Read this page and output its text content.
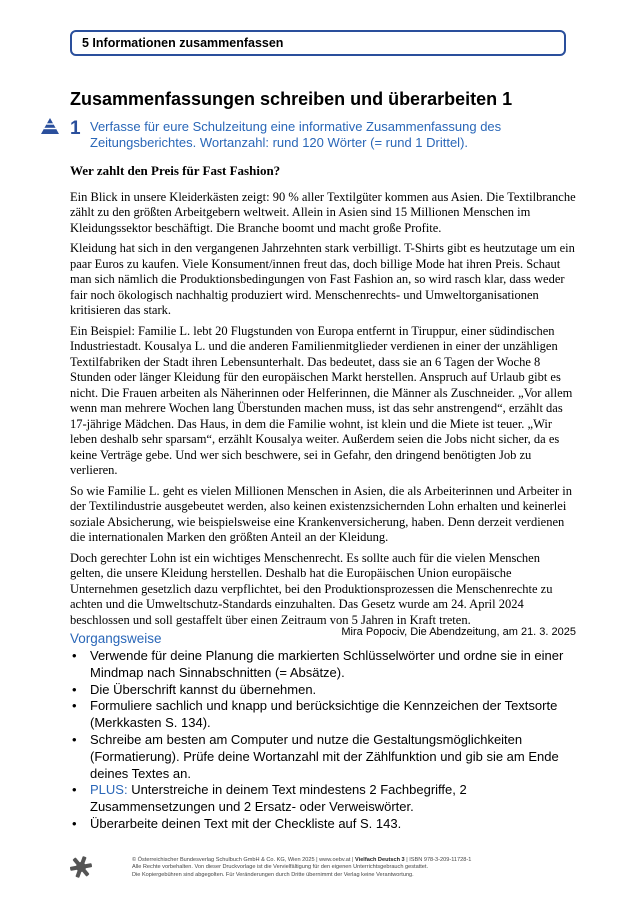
5 Informationen zusammenfassen
Zusammenfassungen schreiben und überarbeiten 1
1 Verfasse für eure Schulzeitung eine informative Zusammenfassung des Zeitungsberichtes. Wortanzahl: rund 120 Wörter (= rund 1 Drittel).
Wer zahlt den Preis für Fast Fashion?

Ein Blick in unsere Kleiderkästen zeigt: 90 % aller Textilgüter kommen aus Asien. Die Textilbranche zählt zu den größten Arbeitgebern weltweit. Allein in Asien sind 15 Millionen Menschen im Kleidungssektor beschäftigt. Die Branche boomt und macht große Profite.

Kleidung hat sich in den vergangenen Jahrzehnten stark verbilligt. T-Shirts gibt es heutzutage um ein paar Euros zu kaufen. Viele Konsument/innen freut das, doch billige Mode hat ihren Preis. Schaut man sich nämlich die Produktionsbedingungen von Fast Fashion an, so wird rasch klar, dass weder fair noch ökologisch nachhaltig produziert wird. Menschenrechts- und Umweltorganisationen kritisieren das stark.

Ein Beispiel: Familie L. lebt 20 Flugstunden von Europa entfernt in Tiruppur, einer südindischen Industriestadt. Kousalya L. und die anderen Familienmitglieder verdienen in einer der unzähligen Textilfabriken der Stadt ihren Lebensunterhalt. Das bedeutet, dass sie an 6 Tagen der Woche 8 Stunden oder länger Kleidung für den europäischen Markt herstellen. Anspruch auf Urlaub gibt es nicht. Die Frauen arbeiten als Näherinnen oder Helferinnen, die Männer als Zuschneider. „Vor allem wenn man mehrere Wochen lang Überstunden machen muss, ist das sehr anstrengend“, erzählt das 17-jährige Mädchen. Das Haus, in dem die Familie wohnt, ist klein und die Miete ist teuer. „Wir leben deshalb sehr sparsam“, erzählt Kousalya weiter. Außerdem seien die Jobs nicht sicher, da es keine Verträge gebe. Und wer sich beschwere, sei in Gefahr, den dringend benötigten Job zu verlieren.

So wie Familie L. geht es vielen Millionen Menschen in Asien, die als Arbeiterinnen und Arbeiter in der Textilindustrie ausgebeutet werden, also keinen existenzsichernden Lohn erhalten und keinerlei soziale Absicherung, wie beispielsweise eine Krankenversicherung, haben. Denn derzeit verdienen die internationalen Marken den größten Anteil an der Kleidung.

Doch gerechter Lohn ist ein wichtiges Menschenrecht. Es sollte auch für die vielen Menschen gelten, die unsere Kleidung herstellen. Deshalb hat die Europäischen Union europäische Unternehmen gesetzlich dazu verpflichtet, bei den Produktionsprozessen die Menschenrechte zu achten und die Umweltschutz-Standards einzuhalten. Das Gesetz wurde am 24. April 2024 beschlossen und soll gestaffelt über einen Zeitraum von 5 Jahren in Kraft treten.

Mira Popociv, Die Abendzeitung, am 21. 3. 2025
Vorgangsweise
• Verwende für deine Planung die markierten Schlüsselwörter und ordne sie in einer Mindmap nach Sinnabschnitten (= Absätze).
• Die Überschrift kannst du übernehmen.
• Formuliere sachlich und knapp und berücksichtige die Kennzeichen der Textsorte (Merkkasten S. 134).
• Schreibe am besten am Computer und nutze die Gestaltungsmöglichkeiten (Formatierung). Prüfe deine Wortanzahl mit der Zählfunktion und gib sie am Ende deines Textes an.
• PLUS: Unterstreiche in deinem Text mindestens 2 Fachbegriffe, 2 Zusammensetzungen und 2 Ersatz- oder Verweiswörter.
• Überarbeite deinen Text mit der Checkliste auf S. 143.
© Österreichischer Bundesverlag Schulbuch GmbH & Co. KG, Wien 2025 | www.oebv.at | Vielfach Deutsch 3 | ISBN 978-3-209-11728-1
Alle Rechte vorbehalten. Von dieser Druckvorlage ist die Vervielfältigung für den eigenen Unterrichtsgebrauch gestattet.
Die Kopiergebühren sind abgegolten. Für Veränderungen durch Dritte übernimmt der Verlag keine Verantwortung.
